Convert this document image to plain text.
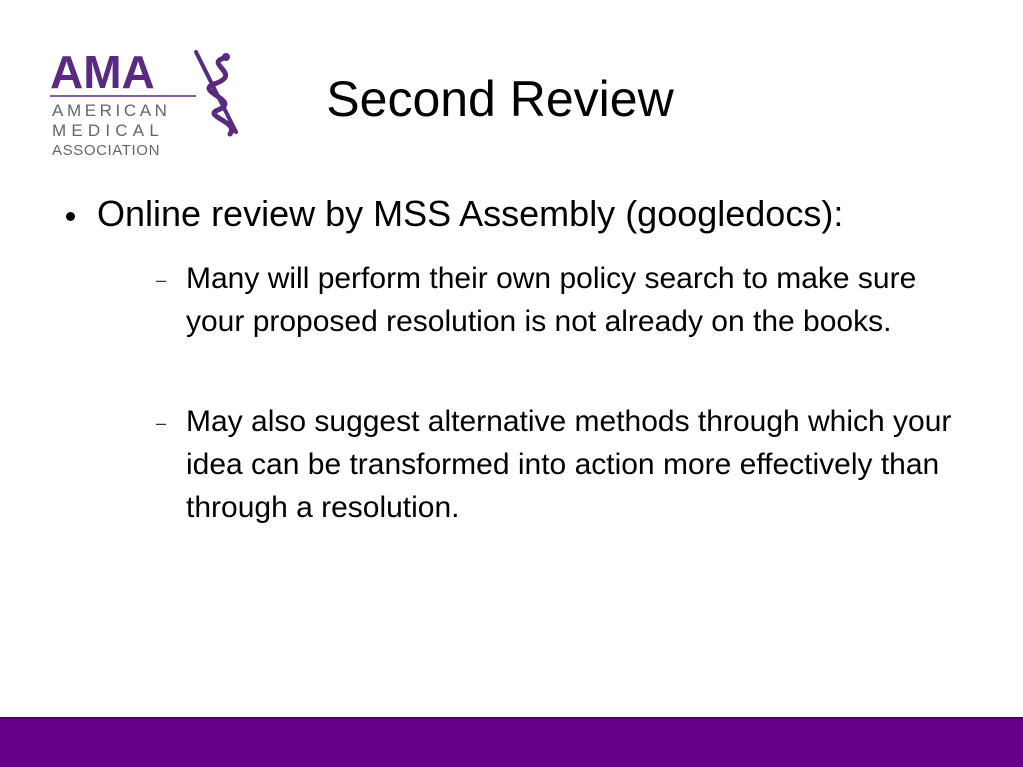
AMA
AMERICAN
MEDICAL
ASSOCIATION
Second Review
Online review by MSS Assembly (googledocs):
– Many will perform their own policy search to make sure your proposed resolution is not already on the books.
– May also suggest alternative methods through which your idea can be transformed into action more effectively than through a resolution.
